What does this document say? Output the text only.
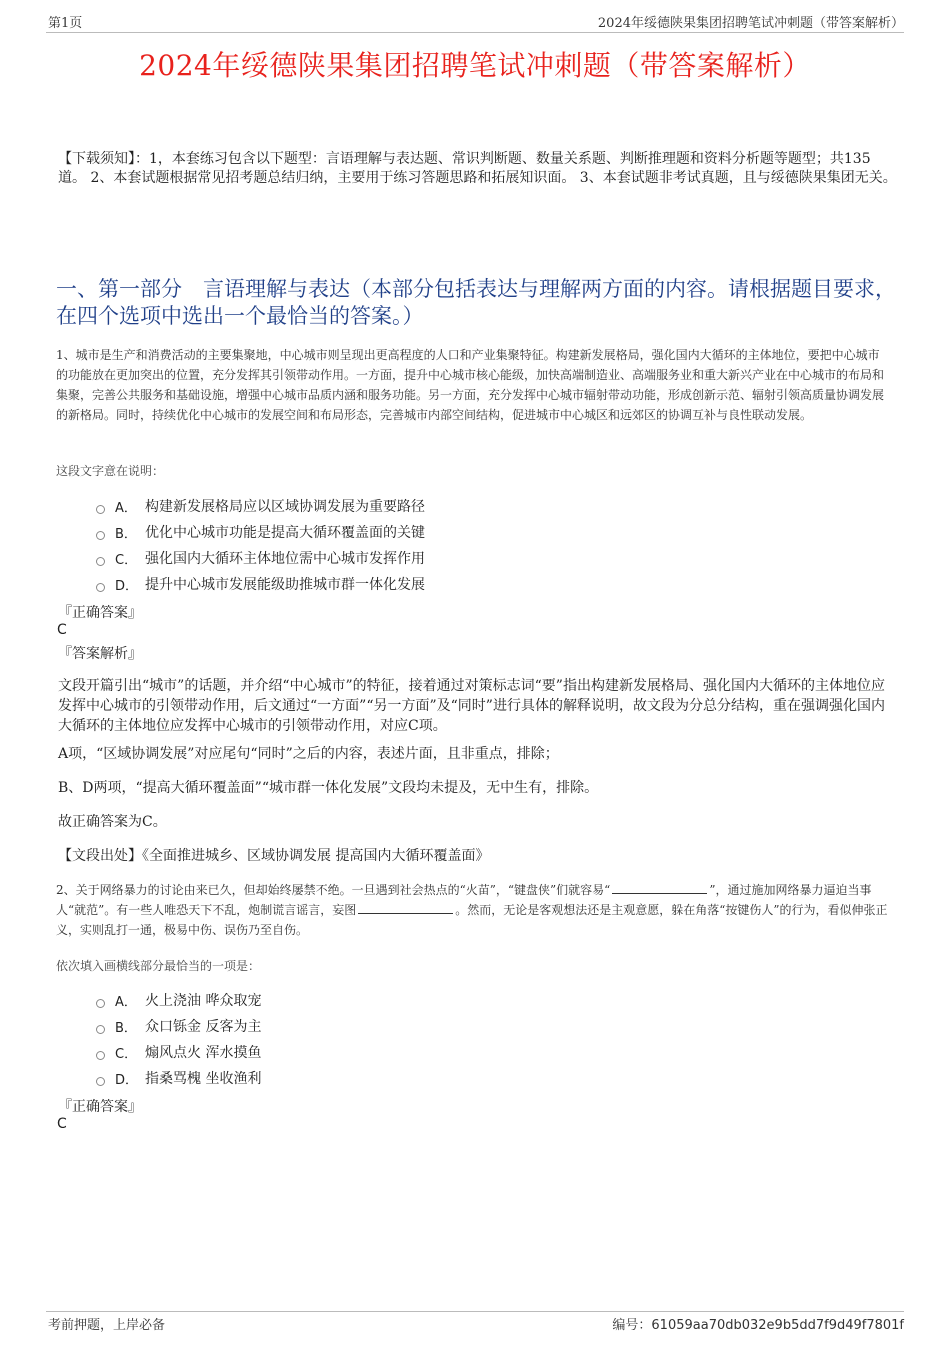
第1页	2024年绥德陕果集团招聘笔试冲刺题（带答案解析）
2024年绥德陕果集团招聘笔试冲刺题（带答案解析）
【下载须知】：1，本套练习包含以下题型：言语理解与表达题、常识判断题、数量关系题、判断推理题和资料分析题等题型；共135道。 2、本套试题根据常见招考题总结归纳，主要用于练习答题思路和拓展知识面。 3、本套试题非考试真题，且与绥德陕果集团无关。
一、第一部分　言语理解与表达（本部分包括表达与理解两方面的内容。请根据题目要求，在四个选项中选出一个最恰当的答案。）
1、城市是生产和消费活动的主要集聚地，中心城市则呈现出更高程度的人口和产业集聚特征。构建新发展格局，强化国内大循环的主体地位，要把中心城市的功能放在更加突出的位置，充分发挥其引领带动作用。一方面，提升中心城市核心能级，加快高端制造业、高端服务业和重大新兴产业在中心城市的布局和集聚，完善公共服务和基础设施，增强中心城市品质内涵和服务功能。另一方面，充分发挥中心城市辐射带动功能，形成创新示范、辐射引领高质量协调发展的新格局。同时，持续优化中心城市的发展空间和布局形态，完善城市内部空间结构，促进城市中心城区和远郊区的协调互补与良性联动发展。
这段文字意在说明：
A． 构建新发展格局应以区域协调发展为重要路径
B． 优化中心城市功能是提高大循环覆盖面的关键
C． 强化国内大循环主体地位需中心城市发挥作用
D． 提升中心城市发展能级助推城市群一体化发展
『正确答案』
C
『答案解析』
文段开篇引出“城市”的话题，并介绍“中心城市”的特征，接着通过对策标志词“要”指出构建新发展格局、强化国内大循环的主体地位应发挥中心城市的引领带动作用，后文通过“一方面”“另一方面”及“同时”进行具体的解释说明，故文段为分总分结构，重在强调强化国内大循环的主体地位应发挥中心城市的引领带动作用，对应C项。
A项，“区域协调发展”对应尾句“同时”之后的内容，表述片面，且非重点，排除；
B、D两项，“提高大循环覆盖面”“城市群一体化发展”文段均未提及，无中生有，排除。
故正确答案为C。
【文段出处】《全面推进城乡、区域协调发展 提高国内大循环覆盖面》
2、关于网络暴力的讨论由来已久，但却始终屡禁不绝。一旦遇到社会热点的“火苗”，“键盘侠”们就容易“	”，通过施加网络暴力逼迫当事人“就范”。有一些人唯恐天下不乱，炮制谎言谣言，妄图	。然而，无论是客观想法还是主观意愿，躲在角落“按键伤人”的行为，看似伸张正义，实则乱打一通，极易中伤、误伤乃至自伤。
依次填入画横线部分最恰当的一项是：
A． 火上浇油 哗众取宠
B． 众口铄金 反客为主
C． 煽风点火 浑水摸鱼
D． 指桑骂槐 坐收渔利
『正确答案』
C
考前押题，上岸必备	编号：61059aa70db032e9b5dd7f9d49f7801f
